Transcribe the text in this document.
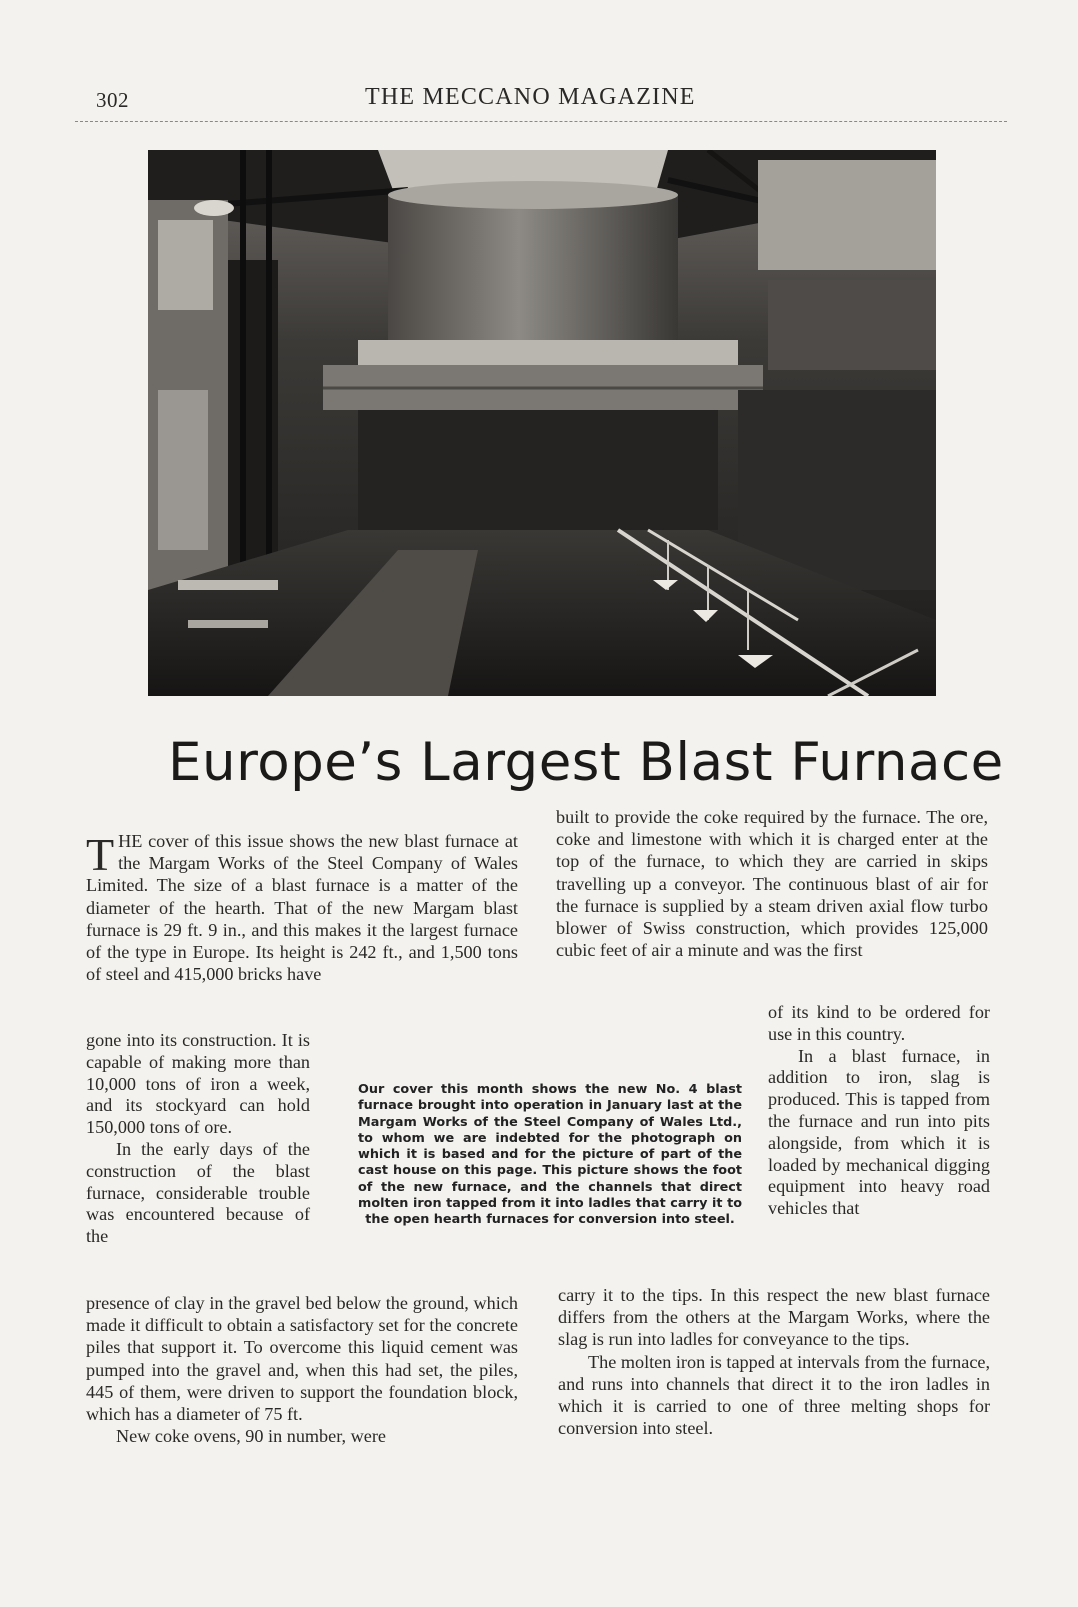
302	THE MECCANO MAGAZINE
Europe’s Largest Blast Furnace

THE cover of this issue shows the new blast furnace at the Margam Works of the Steel Company of Wales Limited. The size of a blast furnace is a matter of the diameter of the hearth. That of the new Margam blast furnace is 29 ft. 9 in., and this makes it the largest furnace of the type in Europe. Its height is 242 ft., and 1,500 tons of steel and 415,000 bricks have

gone into its construction. It is capable of making more than 10,000 tons of iron a week, and its stockyard can hold 150,000 tons of ore.

In the early days of the construction of the blast furnace, considerable trouble was encountered because of the

presence of clay in the gravel bed below the ground, which made it difficult to obtain a satisfactory set for the concrete piles that support it. To overcome this liquid cement was pumped into the gravel and, when this had set, the piles, 445 of them, were driven to support the foundation block, which has a diameter of 75 ft.

New coke ovens, 90 in number, were

built to provide the coke required by the furnace. The ore, coke and limestone with which it is charged enter at the top of the furnace, to which they are carried in skips travelling up a conveyor. The continuous blast of air for the furnace is supplied by a steam driven axial flow turbo blower of Swiss construction, which provides 125,000 cubic feet of air a minute and was the first

of its kind to be ordered for use in this country.

In a blast furnace, in addition to iron, slag is produced. This is tapped from the furnace and run into pits alongside, from which it is loaded by mechanical digging equipment into heavy road vehicles that

carry it to the tips. In this respect the new blast furnace differs from the others at the Margam Works, where the slag is run into ladles for conveyance to the tips.

The molten iron is tapped at intervals from the furnace, and runs into channels that direct it to the iron ladles in which it is carried to one of three melting shops for conversion into steel.

Our cover this month shows the new No. 4 blast furnace brought into operation in January last at the Margam Works of the Steel Company of Wales Ltd., to whom we are indebted for the photograph on which it is based and for the picture of part of the cast house on this page. This picture shows the foot of the new furnace, and the channels that direct molten iron tapped from it into ladles that carry it to the open hearth furnaces for conversion into steel.
